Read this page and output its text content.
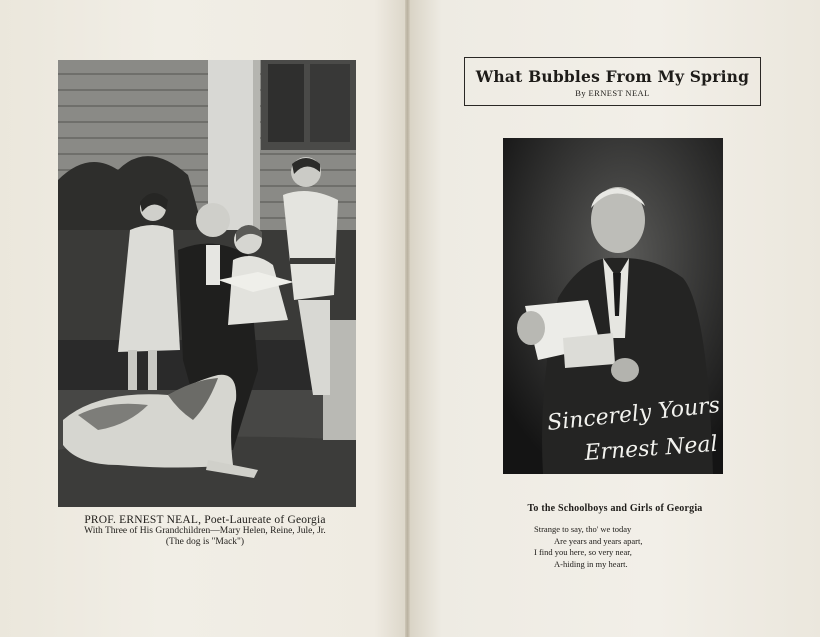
PROF. ERNEST NEAL, Poet-Laureate of Georgia
With Three of His Grandchildren—Mary Helen, Reine, Jule, Jr.
(The dog is "Mack")
What Bubbles From My Spring
By ERNEST NEAL
Sincerely Yours
Ernest Neal
To the Schoolboys and Girls of Georgia
Strange to say, tho' we today
Are years and years apart,
I find you here, so very near,
A-hiding in my heart.
